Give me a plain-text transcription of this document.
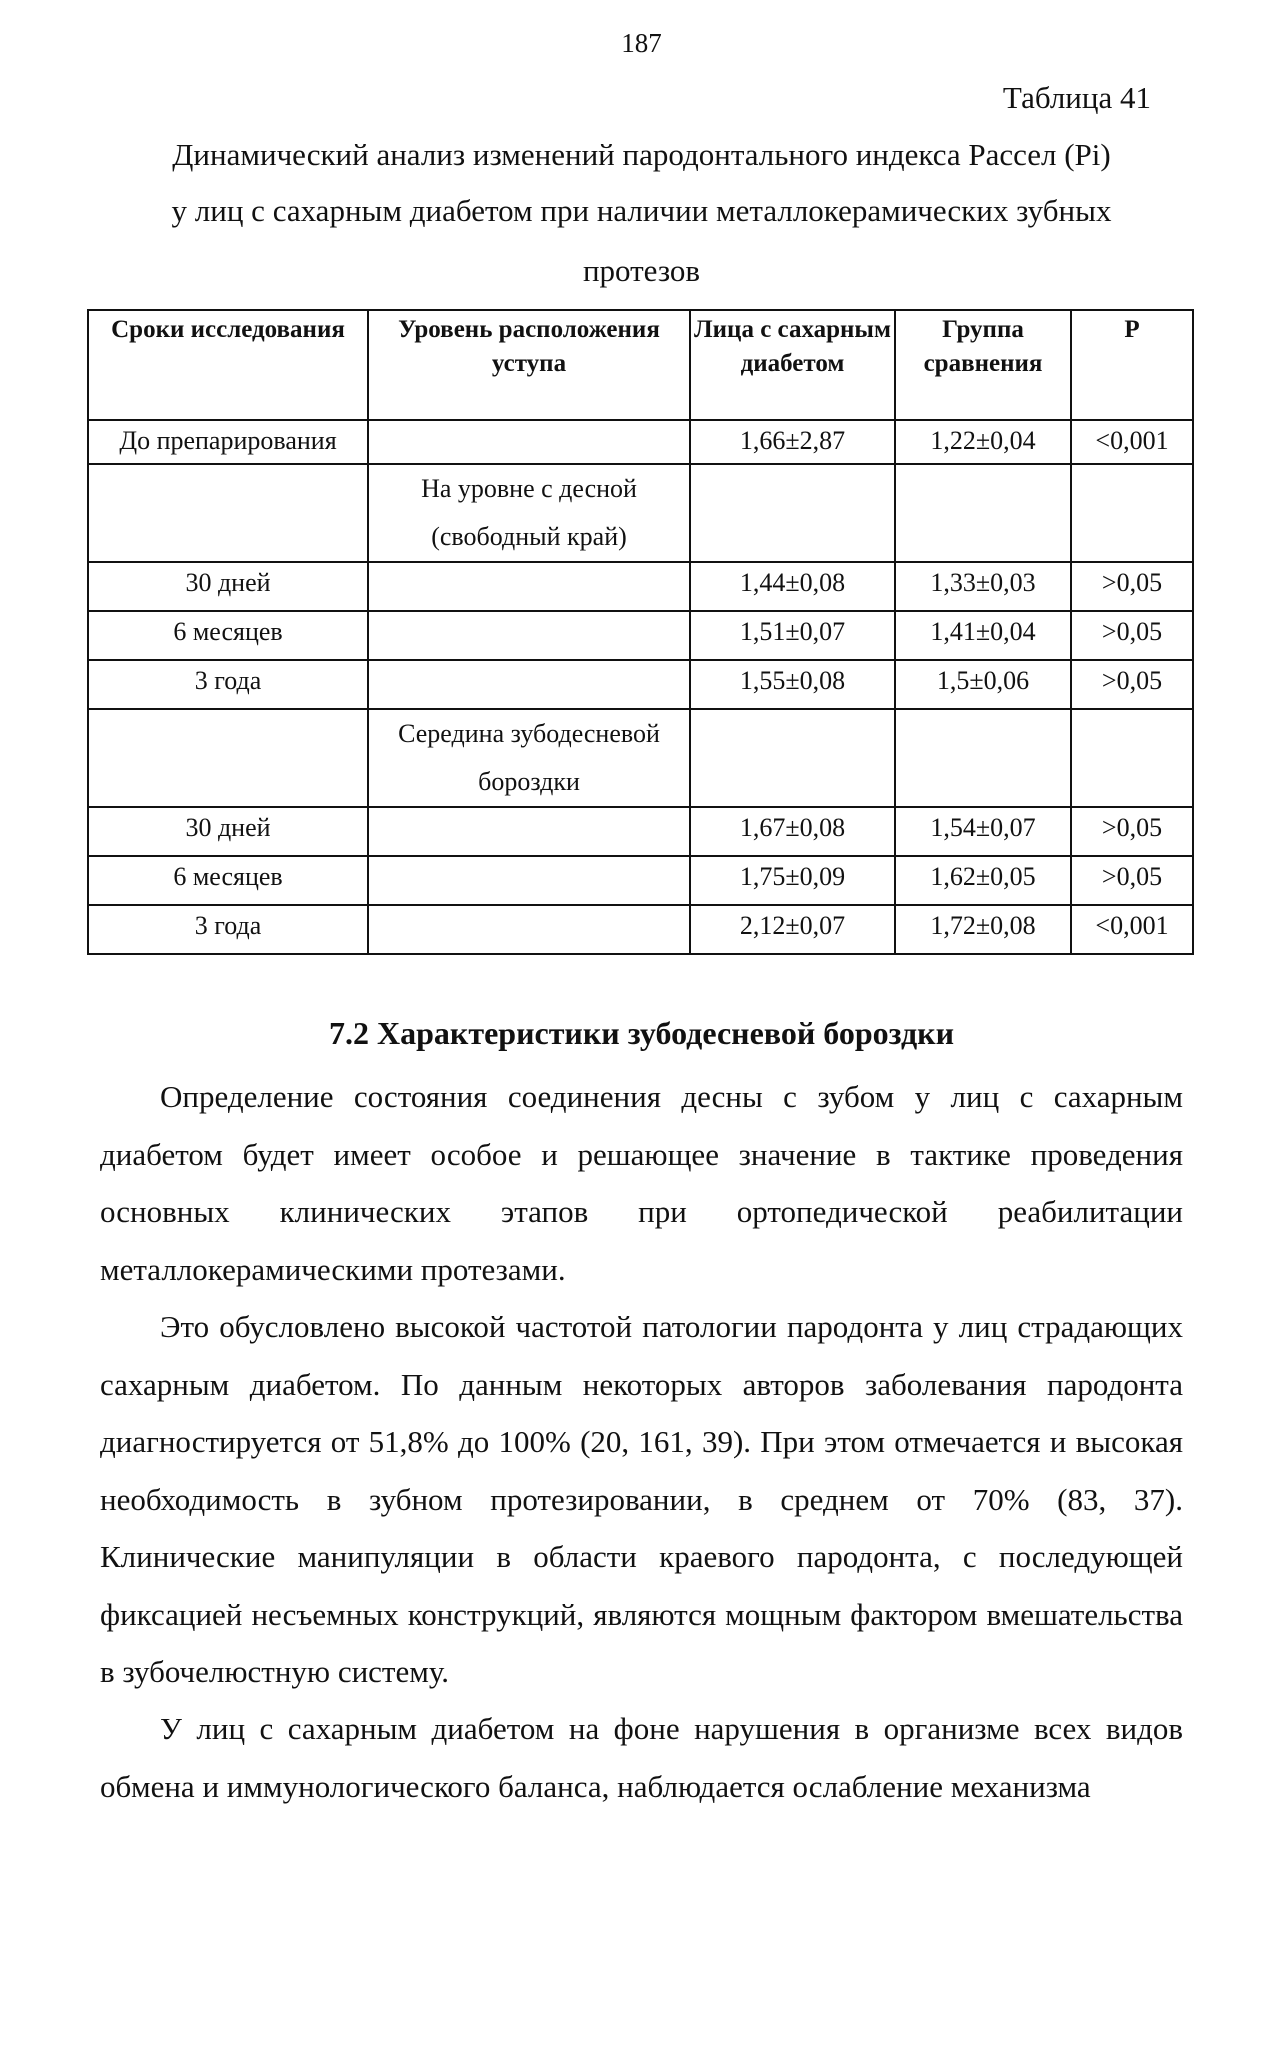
187
Таблица 41
Динамический анализ изменений пародонтального индекса Рассел (Pi)
у лиц с сахарным диабетом при наличии металлокерамических зубных
протезов
Сроки исследования	Уровень расположения уступа	Лица с сахарным диабетом	Группа сравнения	P
До препарирования		1,66±2,87	1,22±0,04	<0,001
	На уровне с десной
(свободный край)			
30 дней		1,44±0,08	1,33±0,03	>0,05
6 месяцев		1,51±0,07	1,41±0,04	>0,05
3 года		1,55±0,08	1,5±0,06	>0,05
	Середина зубодесневой
бороздки			
30 дней		1,67±0,08	1,54±0,07	>0,05
6 месяцев		1,75±0,09	1,62±0,05	>0,05
3 года		2,12±0,07	1,72±0,08	<0,001
7.2 Характеристики зубодесневой бороздки

Определение состояния соединения десны с зубом у лиц с сахарным диабетом будет имеет особое и решающее значение в тактике проведения основных клинических этапов при ортопедической реабилитации металлокерамическими протезами.

Это обусловлено высокой частотой патологии пародонта у лиц страдающих сахарным диабетом. По данным некоторых авторов заболевания пародонта диагностируется от 51,8% до 100% (20, 161, 39). При этом отмечается и высокая необходимость в зубном протезировании, в среднем от 70% (83, 37). Клинические манипуляции в области краевого пародонта, с последующей фиксацией несъемных конструкций, являются мощным фактором вмешательства в зубочелюстную систему.

У лиц с сахарным диабетом на фоне нарушения в организме всех видов обмена и иммунологического баланса, наблюдается ослабление механизма
